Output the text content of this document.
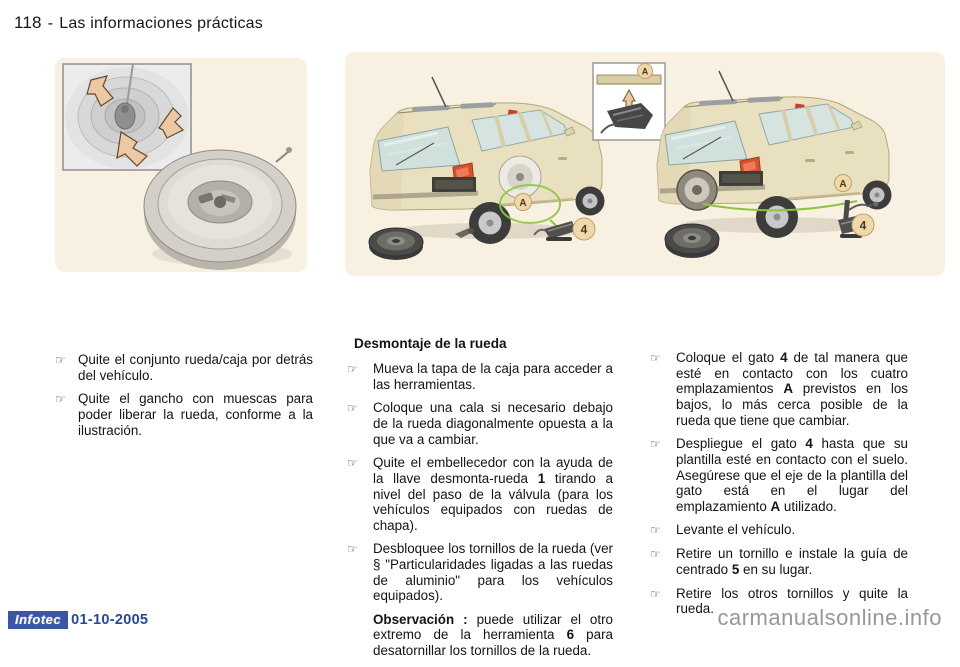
118 - Las informaciones prácticas
A
4
A
A
4

☞ Quite el conjunto rueda/caja por detrás del vehículo.

☞ Quite el gancho con muescas para poder liberar la rueda, conforme a la ilustración.

Desmontaje de la rueda

☞ Mueva la tapa de la caja para acceder a las herramientas.

☞ Coloque una cala si necesario debajo de la rueda diagonalmente opuesta a la que va a cambiar.

☞ Quite el embellecedor con la ayuda de la llave desmonta-rueda 1 tirando a nivel del paso de la válvula (para los vehículos equipados con ruedas de chapa).

☞ Desbloquee los tornillos de la rueda (ver § "Particularidades ligadas a las ruedas de aluminio" para los vehículos equipados).

Observación : puede utilizar el otro extremo de la herramienta 6 para desatornillar los tornillos de la rueda.

☞ Coloque el gato 4 de tal manera que esté en contacto con los cuatro emplazamientos A previstos en los bajos, lo más cerca posible de la rueda que tiene que cambiar.

☞ Despliegue el gato 4 hasta que su plantilla esté en contacto con el suelo. Asegúrese que el eje de la plantilla del gato está en el lugar del emplazamiento A utilizado.

☞ Levante el vehículo.

☞ Retire un tornillo e instale la guía de centrado 5 en su lugar.

☞ Retire los otros tornillos y quite la rueda.

Infotec 01-10-2005	carmanualsonline.info
